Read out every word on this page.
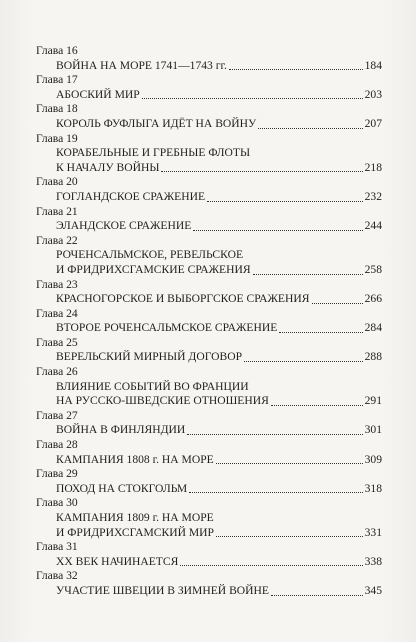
Глава 16
ВОЙНА НА МОРЕ 1741—1743 гг.	184
Глава 17
АБОСКИЙ МИР	203
Глава 18
КОРОЛЬ ФУФЛЫГА ИДЁТ НА ВОЙНУ	207
Глава 19
КОРАБЕЛЬНЫЕ И ГРЕБНЫЕ ФЛОТЫ
К НАЧАЛУ ВОЙНЫ	218
Глава 20
ГОГЛАНДСКОЕ СРАЖЕНИЕ	232
Глава 21
ЭЛАНДСКОЕ СРАЖЕНИЕ	244
Глава 22
РОЧЕНСАЛЬМСКОЕ, РЕВЕЛЬСКОЕ
И ФРИДРИХСГАМСКИЕ СРАЖЕНИЯ	258
Глава 23
КРАСНОГОРСКОЕ И ВЫБОРГСКОЕ СРАЖЕНИЯ	266
Глава 24
ВТОРОЕ РОЧЕНСАЛЬМСКОЕ СРАЖЕНИЕ	284
Глава 25
ВЕРЕЛЬСКИЙ МИРНЫЙ ДОГОВОР	288
Глава 26
ВЛИЯНИЕ СОБЫТИЙ ВО ФРАНЦИИ
НА РУССКО-ШВЕДСКИЕ ОТНОШЕНИЯ	291
Глава 27
ВОЙНА В ФИНЛЯНДИИ	301
Глава 28
КАМПАНИЯ 1808 г. НА МОРЕ	309
Глава 29
ПОХОД НА СТОКГОЛЬМ	318
Глава 30
КАМПАНИЯ 1809 г. НА МОРЕ
И ФРИДРИХСГАМСКИЙ МИР	331
Глава 31
XX ВЕК НАЧИНАЕТСЯ	338
Глава 32
УЧАСТИЕ ШВЕЦИИ В ЗИМНЕЙ ВОЙНЕ	345
